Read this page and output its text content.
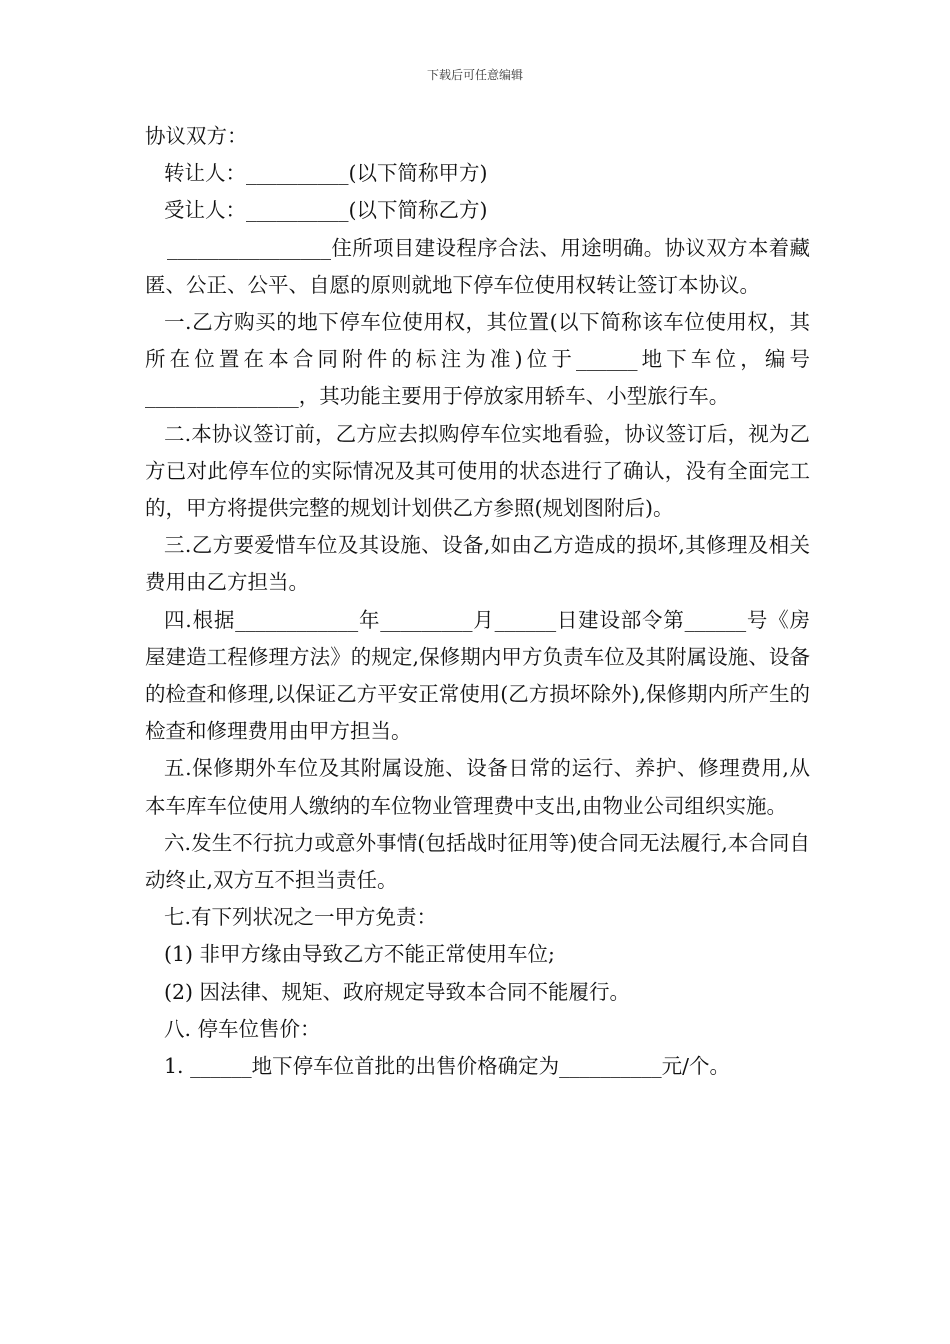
下载后可任意编辑

协议双方：

转让人：__________(以下简称甲方)

受让人：__________(以下简称乙方)

________________住所项目建设程序合法、用途明确。协议双方本着藏匿、公正、公平、自愿的原则就地下停车位使用权转让签订本协议。

一.乙方购买的地下停车位使用权，其位置(以下简称该车位使用权，其所在位置在本合同附件的标注为准)位于______地下车位，编号_______________，其功能主要用于停放家用轿车、小型旅行车。

二.本协议签订前，乙方应去拟购停车位实地看验，协议签订后，视为乙方已对此停车位的实际情况及其可使用的状态进行了确认，没有全面完工的，甲方将提供完整的规划计划供乙方参照(规划图附后)。

三.乙方要爱惜车位及其设施、设备,如由乙方造成的损坏,其修理及相关费用由乙方担当。

四.根据____________年_________月______日建设部令第______号《房屋建造工程修理方法》的规定,保修期内甲方负责车位及其附属设施、设备的检查和修理,以保证乙方平安正常使用(乙方损坏除外),保修期内所产生的检查和修理费用由甲方担当。

五.保修期外车位及其附属设施、设备日常的运行、养护、修理费用,从本车库车位使用人缴纳的车位物业管理费中支出,由物业公司组织实施。

六.发生不行抗力或意外事情(包括战时征用等)使合同无法履行,本合同自动终止,双方互不担当责任。

七.有下列状况之一甲方免责：

(1) 非甲方缘由导致乙方不能正常使用车位;

(2) 因法律、规矩、政府规定导致本合同不能履行。

八. 停车位售价：

1. ______地下停车位首批的出售价格确定为__________元/个。
